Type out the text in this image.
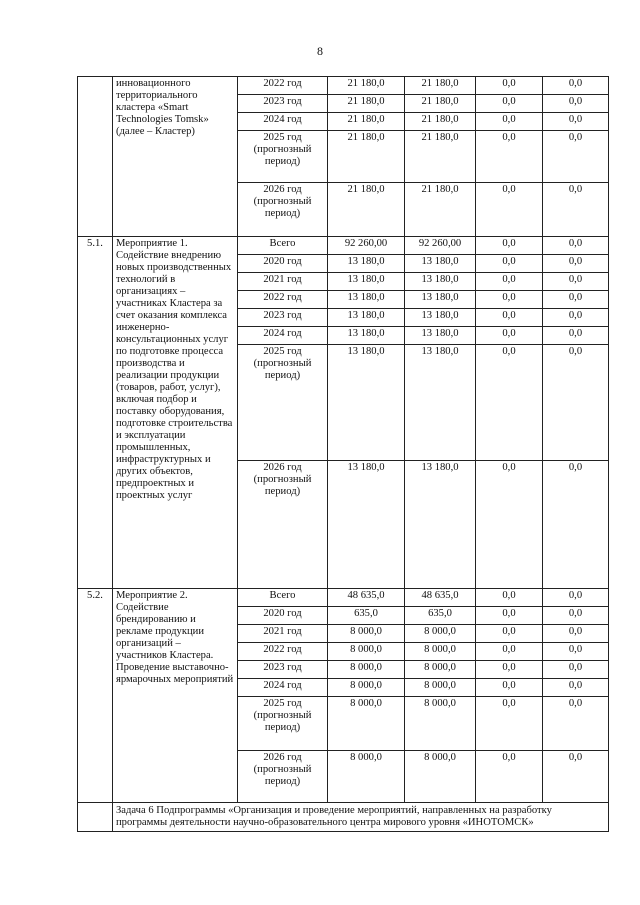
8
	инновационного территориального кластера «Smart Technologies Tomsk» (далее – Кластер)	2022 год	21 180,0	21 180,0	0,0	0,0
		2023 год	21 180,0	21 180,0	0,0	0,0
		2024 год	21 180,0	21 180,0	0,0	0,0
		2025 год (прогнозный период)	21 180,0	21 180,0	0,0	0,0
		2026 год (прогнозный период)	21 180,0	21 180,0	0,0	0,0
5.1.	Мероприятие 1. Содействие внедрению новых производственных технологий в организациях – участниках Кластера за счет оказания комплекса инженерно-консультационных услуг по подготовке процесса производства и реализации продукции (товаров, работ, услуг), включая подбор и поставку оборудования, подготовке строительства и эксплуатации промышленных, инфраструктурных и других объектов, предпроектных и проектных услуг	Всего	92 260,00	92 260,00	0,0	0,0
		2020 год	13 180,0	13 180,0	0,0	0,0
		2021 год	13 180,0	13 180,0	0,0	0,0
		2022 год	13 180,0	13 180,0	0,0	0,0
		2023 год	13 180,0	13 180,0	0,0	0,0
		2024 год	13 180,0	13 180,0	0,0	0,0
		2025 год (прогнозный период)	13 180,0	13 180,0	0,0	0,0
		2026 год (прогнозный период)	13 180,0	13 180,0	0,0	0,0
5.2.	Мероприятие 2. Содействие брендированию и рекламе продукции организаций – участников Кластера. Проведение выставочно-ярмарочных мероприятий	Всего	48 635,0	48 635,0	0,0	0,0
		2020 год	635,0	635,0	0,0	0,0
		2021 год	8 000,0	8 000,0	0,0	0,0
		2022 год	8 000,0	8 000,0	0,0	0,0
		2023 год	8 000,0	8 000,0	0,0	0,0
		2024 год	8 000,0	8 000,0	0,0	0,0
		2025 год (прогнозный период)	8 000,0	8 000,0	0,0	0,0
		2026 год (прогнозный период)	8 000,0	8 000,0	0,0	0,0
	Задача 6 Подпрограммы «Организация и проведение мероприятий, направленных на разработку программы деятельности научно-образовательного центра мирового уровня «ИНОТОМСК»					
